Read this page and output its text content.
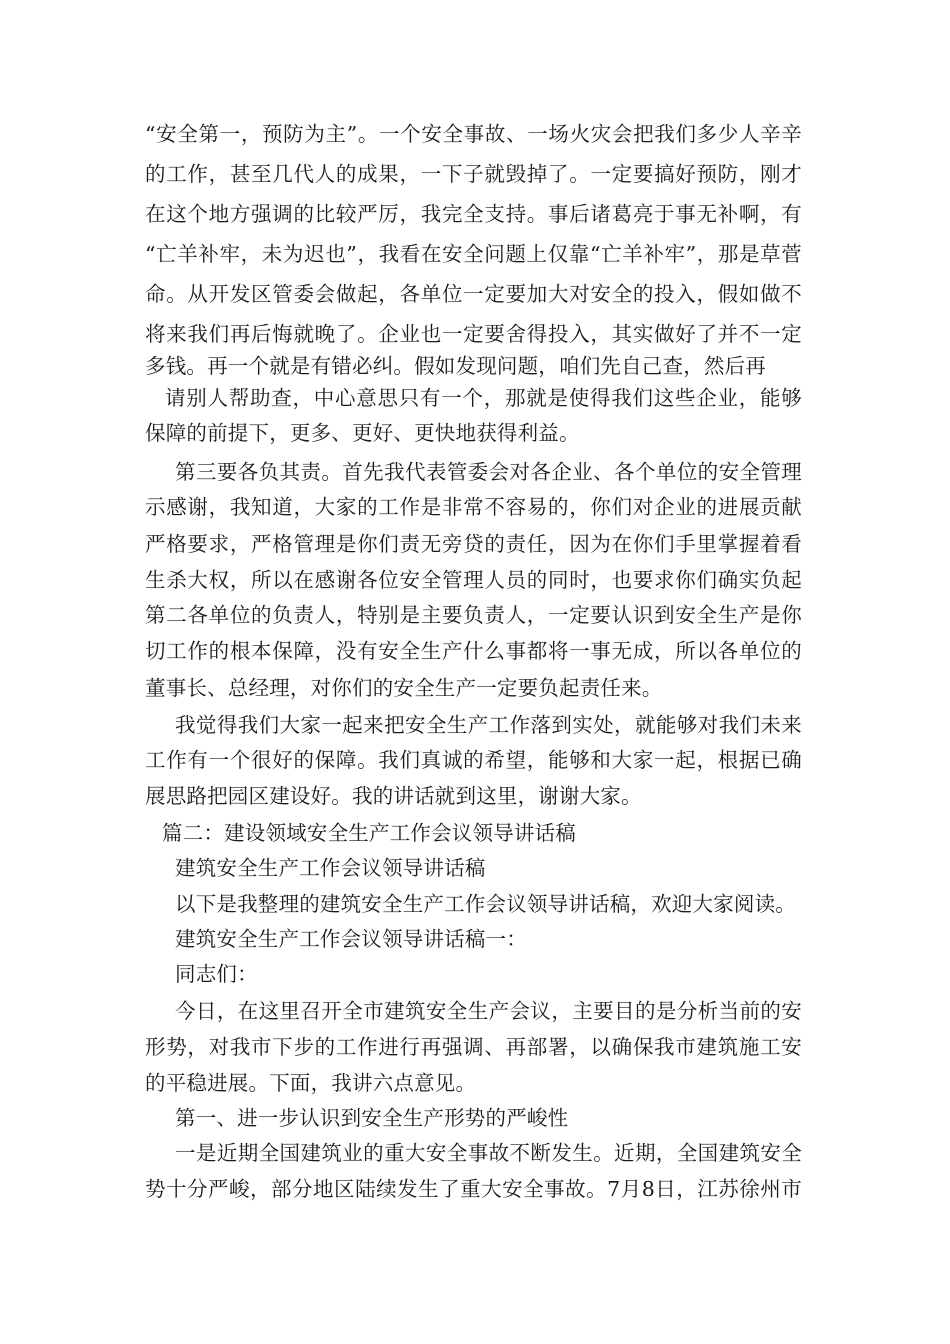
“安全第一，预防为主”。一个安全事故、一场火灾会把我们多少人辛辛
的工作，甚至几代人的成果，一下子就毁掉了。一定要搞好预防，刚才
在这个地方强调的比较严厉，我完全支持。事后诸葛亮于事无补啊，有
“亡羊补牢，未为迟也”，我看在安全问题上仅靠“亡羊补牢”，那是草菅
命。从开发区管委会做起，各单位一定要加大对安全的投入，假如做不
将来我们再后悔就晚了。企业也一定要舍得投入，其实做好了并不一定
多钱。再一个就是有错必纠。假如发现问题，咱们先自己查，然后再
请别人帮助查，中心意思只有一个，那就是使得我们这些企业，能够
保障的前提下，更多、更好、更快地获得利益。
第三要各负其责。首先我代表管委会对各企业、各个单位的安全管理
示感谢，我知道，大家的工作是非常不容易的，你们对企业的进展贡献
严格要求，严格管理是你们责无旁贷的责任，因为在你们手里掌握着看
生杀大权，所以在感谢各位安全管理人员的同时，也要求你们确实负起
第二各单位的负责人，特别是主要负责人，一定要认识到安全生产是你
切工作的根本保障，没有安全生产什么事都将一事无成，所以各单位的
董事长、总经理，对你们的安全生产一定要负起责任来。
我觉得我们大家一起来把安全生产工作落到实处，就能够对我们未来
工作有一个很好的保障。我们真诚的希望，能够和大家一起，根据已确
展思路把园区建设好。我的讲话就到这里，谢谢大家。
篇二：建设领域安全生产工作会议领导讲话稿
建筑安全生产工作会议领导讲话稿
以下是我整理的建筑安全生产工作会议领导讲话稿，欢迎大家阅读。
建筑安全生产工作会议领导讲话稿一：
同志们：
今日，在这里召开全市建筑安全生产会议，主要目的是分析当前的安
形势，对我市下步的工作进行再强调、再部署，以确保我市建筑施工安
的平稳进展。下面，我讲六点意见。
第一、进一步认识到安全生产形势的严峻性
一是近期全国建筑业的重大安全事故不断发生。近期，全国建筑安全
势十分严峻，部分地区陆续发生了重大安全事故。7月8日，江苏徐州市
